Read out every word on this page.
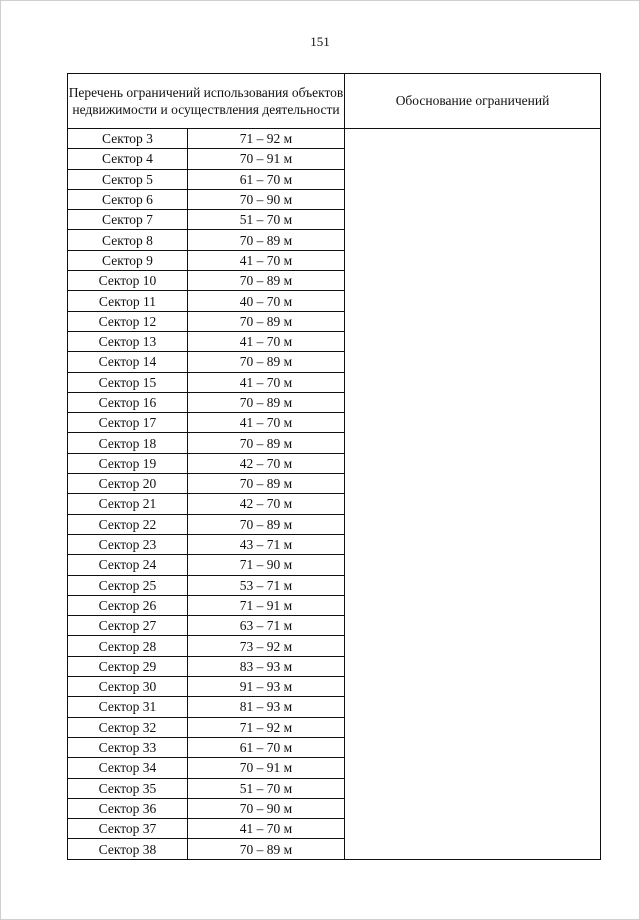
151
Перечень ограничений использования объектов недвижимости и осуществления деятельности		Обоснование ограничений
Сектор 3	71 – 92 м	
Сектор 4	70 – 91 м	
Сектор 5	61 – 70 м	
Сектор 6	70 – 90 м	
Сектор 7	51 – 70 м	
Сектор 8	70 – 89 м	
Сектор 9	41 – 70 м	
Сектор 10	70 – 89 м	
Сектор 11	40 – 70 м	
Сектор 12	70 – 89 м	
Сектор 13	41 – 70 м	
Сектор 14	70 – 89 м	
Сектор 15	41 – 70 м	
Сектор 16	70 – 89 м	
Сектор 17	41 – 70 м	
Сектор 18	70 – 89 м	
Сектор 19	42 – 70 м	
Сектор 20	70 – 89 м	
Сектор 21	42 – 70 м	
Сектор 22	70 – 89 м	
Сектор 23	43 – 71 м	
Сектор 24	71 – 90 м	
Сектор 25	53 – 71 м	
Сектор 26	71 – 91 м	
Сектор 27	63 – 71 м	
Сектор 28	73 – 92 м	
Сектор 29	83 – 93 м	
Сектор 30	91 – 93 м	
Сектор 31	81 – 93 м	
Сектор 32	71 – 92 м	
Сектор 33	61 – 70 м	
Сектор 34	70 – 91 м	
Сектор 35	51 – 70 м	
Сектор 36	70 – 90 м	
Сектор 37	41 – 70 м	
Сектор 38	70 – 89 м	
